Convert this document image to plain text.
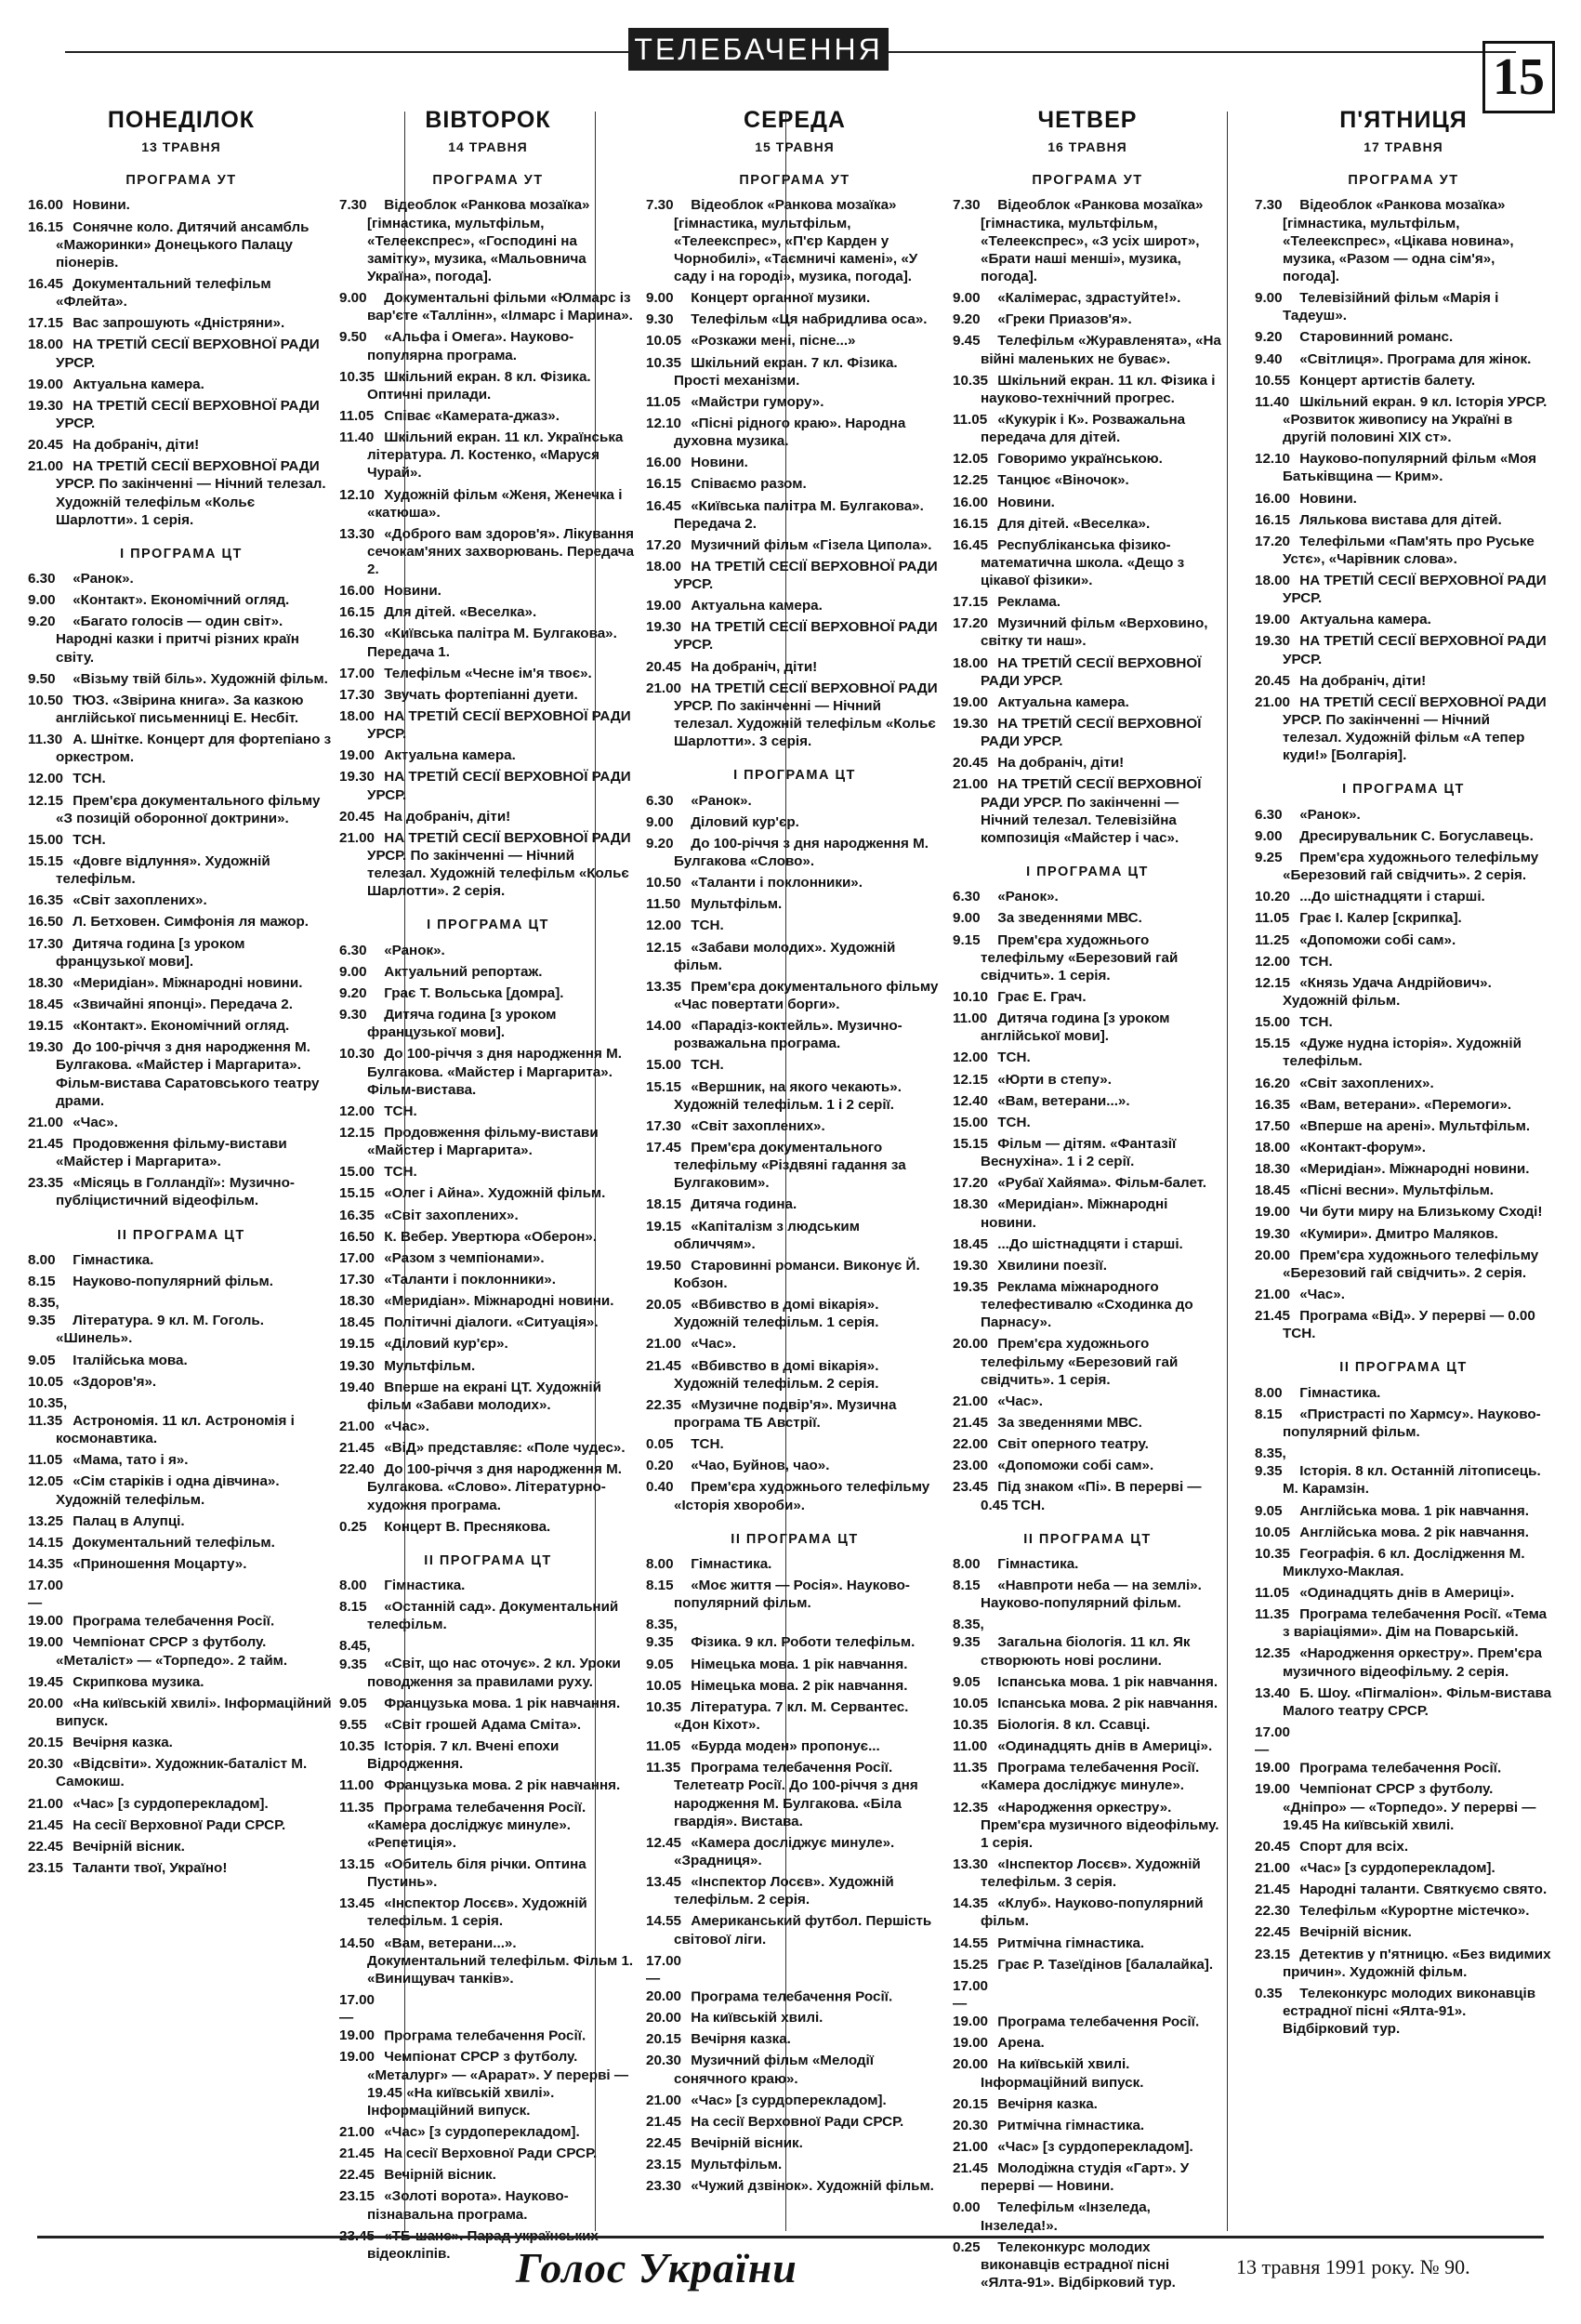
ТЕЛЕБАЧЕННЯ	15
ПОНЕДІЛОК
13 ТРАВНЯ
ПРОГРАМА УТ
16.00 Новини.
16.15 Сонячне коло. Дитячий ансамбль «Мажоринки» Донецького Палацу піонерів.
16.45 Документальний телефільм «Флейта».
17.15 Вас запрошують «Дністряни».
18.00 НА ТРЕТІЙ СЕСІЇ ВЕРХОВНОЇ РАДИ УРСР.
19.00 Актуальна камера.
19.30 НА ТРЕТІЙ СЕСІЇ ВЕРХОВНОЇ РАДИ УРСР.
20.45 На добраніч, діти!
21.00 НА ТРЕТІЙ СЕСІЇ ВЕРХОВНОЇ РАДИ УРСР. По закінченні — Нічний телезал. Художній телефільм «Кольє Шарлотти». 1 серія.
І ПРОГРАМА ЦТ
6.30 «Ранок».
9.00 «Контакт». Економічний огляд.
9.20 «Багато голосів — один світ». Народні казки і притчі різних країн світу.
9.50 «Візьму твій біль». Художній фільм.
10.50 ТЮЗ. «Звірина книга». За казкою англійської письменниці Е. Несбіт.
11.30 А. Шнітке. Концерт для фортепіано з оркестром.
12.00 ТСН.
12.15 Прем'єра документального фільму «З позицій оборонної доктрини».
15.00 ТСН.
15.15 «Довге відлуння». Художній телефільм.
16.35 «Світ захоплених».
16.50 Л. Бетховен. Симфонія ля мажор.
17.30 Дитяча година [з уроком французької мови].
18.30 «Меридіан». Міжнародні новини.
18.45 «Звичайні японці». Передача 2.
19.15 «Контакт». Економічний огляд.
19.30 До 100-річчя з дня народження М. Булгакова. «Майстер і Маргарита». Фільм-вистава Саратовського театру драми.
21.00 «Час».
21.45 Продовження фільму-вистави «Майстер і Маргарита».
23.35 «Місяць в Голландії»: Музично-публіцистичний відеофільм.
ІІ ПРОГРАМА ЦТ
8.00 Гімнастика.
8.15 Науково-популярний фільм.
8.35, 9.35 Література. 9 кл. М. Гоголь. «Шинель».
9.05 Італійська мова.
10.05 «Здоров'я».
10.35, 11.35 Астрономія. 11 кл. Астрономія і космонавтика.
11.05 «Мама, тато і я».
12.05 «Сім старіків і одна дівчина». Художній телефільм.
13.25 Палац в Алупці.
14.15 Документальний телефільм.
14.35 «Приношення Моцарту».
17.00—19.00 Програма телебачення Росії.
19.00 Чемпіонат СРСР з футболу. «Металіст» — «Торпедо». 2 тайм.
19.45 Скрипкова музика.
20.00 «На київській хвилі». Інформаційний випуск.
20.15 Вечірня казка.
20.30 «Відсвіти». Художник-баталіст М. Самокиш.
21.00 «Час» [з сурдоперекладом].
21.45 На сесії Верховної Ради СРСР.
22.45 Вечірній вісник.
23.15 Таланти твої, Україно!
ВІВТОРОК
14 ТРАВНЯ
ПРОГРАМА УТ
7.30 Відеоблок «Ранкова мозаїка» [гімнастика, мультфільм, «Телеекспрес», «Господині на замітку», музика, «Мальовнича Україна», погода].
9.00 Документальні фільми «Юлмарс із вар'єте «Таллінн», «Ілмарс і Марина».
9.50 «Альфа і Омега». Науково-популярна програма.
10.35 Шкільний екран. 8 кл. Фізика. Оптичні прилади.
11.05 Співає «Камерата-джаз».
11.40 Шкільний екран. 11 кл. Українська література. Л. Костенко, «Маруся Чурай».
12.10 Художній фільм «Женя, Женечка і «катюша».
13.30 «Доброго вам здоров'я». Лікування сечокам'яних захворювань. Передача 2.
16.00 Новини.
16.15 Для дітей. «Веселка».
16.30 «Київська палітра М. Булгакова». Передача 1.
17.00 Телефільм «Чесне ім'я твоє».
17.30 Звучать фортепіанні дуети.
18.00 НА ТРЕТІЙ СЕСІЇ ВЕРХОВНОЇ РАДИ УРСР.
19.00 Актуальна камера.
19.30 НА ТРЕТІЙ СЕСІЇ ВЕРХОВНОЇ РАДИ УРСР.
20.45 На добраніч, діти!
21.00 НА ТРЕТІЙ СЕСІЇ ВЕРХОВНОЇ РАДИ УРСР. По закінченні — Нічний телезал. Художній телефільм «Кольє Шарлотти». 2 серія.
І ПРОГРАМА ЦТ
6.30 «Ранок».
9.00 Актуальний репортаж.
9.20 Грає Т. Вольська [домра].
9.30 Дитяча година [з уроком французької мови].
10.30 До 100-річчя з дня народження М. Булгакова. «Майстер і Маргарита». Фільм-вистава.
12.00 ТСН.
12.15 Продовження фільму-вистави «Майстер і Маргарита».
15.00 ТСН.
15.15 «Олег і Айна». Художній фільм.
16.35 «Світ захоплених».
16.50 К. Вебер. Увертюра «Оберон».
17.00 «Разом з чемпіонами».
17.30 «Таланти і поклонники».
18.30 «Меридіан». Міжнародні новини.
18.45 Політичні діалоги. «Ситуація».
19.15 «Діловий кур'єр».
19.30 Мультфільм.
19.40 Вперше на екрані ЦТ. Художній фільм «Забави молодих».
21.00 «Час».
21.45 «ВіД» представляє: «Поле чудес».
22.40 До 100-річчя з дня народження М. Булгакова. «Слово». Літературно-художня програма.
0.25 Концерт В. Преснякова.
ІІ ПРОГРАМА ЦТ
8.00 Гімнастика.
8.15 «Останній сад». Документальний телефільм.
8.45, 9.35 «Світ, що нас оточує». 2 кл. Уроки поводження за правилами руху.
9.05 Французька мова. 1 рік навчання.
9.55 «Світ грошей Адама Сміта».
10.35 Історія. 7 кл. Вчені епохи Відродження.
11.00 Французька мова. 2 рік навчання.
11.35 Програма телебачення Росії. «Камера досліджує минуле». «Репетиція».
13.15 «Обитель біля річки. Оптина Пустинь».
13.45 «Інспектор Лосєв». Художній телефільм. 1 серія.
14.50 «Вам, ветерани...». Документальний телефільм. Фільм 1. «Винищувач танків».
17.00—19.00 Програма телебачення Росії.
19.00 Чемпіонат СРСР з футболу. «Металург» — «Арарат». У перерві — 19.45 «На київській хвилі». Інформаційний випуск.
21.00 «Час» [з сурдоперекладом].
21.45 На сесії Верховної Ради СРСР.
22.45 Вечірній вісник.
23.15 «Золоті ворота». Науково-пізнавальна програма.
23.45 «ТБ-шанс». Парад українських відеокліпів.
СЕРЕДА
15 ТРАВНЯ
ПРОГРАМА УТ
7.30 Відеоблок «Ранкова мозаїка» [гімнастика, мультфільм, «Телеекспрес», «П'єр Карден у Чорнобилі», «Таємничі камені», «У саду і на городі», музика, погода].
9.00 Концерт органної музики.
9.30 Телефільм «Ця набридлива оса».
10.05 «Розкажи мені, пісне...»
10.35 Шкільний екран. 7 кл. Фізика. Прості механізми.
11.05 «Майстри гумору».
12.10 «Пісні рідного краю». Народна духовна музика.
16.00 Новини.
16.15 Співаємо разом.
16.45 «Київська палітра М. Булгакова». Передача 2.
17.20 Музичний фільм «Гізела Ципола».
18.00 НА ТРЕТІЙ СЕСІЇ ВЕРХОВНОЇ РАДИ УРСР.
19.00 Актуальна камера.
19.30 НА ТРЕТІЙ СЕСІЇ ВЕРХОВНОЇ РАДИ УРСР.
20.45 На добраніч, діти!
21.00 НА ТРЕТІЙ СЕСІЇ ВЕРХОВНОЇ РАДИ УРСР. По закінченні — Нічний телезал. Художній телефільм «Кольє Шарлотти». 3 серія.
І ПРОГРАМА ЦТ
6.30 «Ранок».
9.00 Діловий кур'єр.
9.20 До 100-річчя з дня народження М. Булгакова «Слово».
10.50 «Таланти і поклонники».
11.50 Мультфільм.
12.00 ТСН.
12.15 «Забави молодих». Художній фільм.
13.35 Прем'єра документального фільму «Час повертати борги».
14.00 «Парадіз-коктейль». Музично-розважальна програма.
15.00 ТСН.
15.15 «Вершник, на якого чекають». Художній телефільм. 1 і 2 серії.
17.30 «Світ захоплених».
17.45 Прем'єра документального телефільму «Різдвяні гадання за Булгаковим».
18.15 Дитяча година.
19.15 «Капіталізм з людським обличчям».
19.50 Старовинні романси. Виконує Й. Кобзон.
20.05 «Вбивство в домі вікарія». Художній телефільм. 1 серія.
21.00 «Час».
21.45 «Вбивство в домі вікарія». Художній телефільм. 2 серія.
22.35 «Музичне подвір'я». Музична програма ТБ Австрії.
0.05 ТСН.
0.20 «Чао, Буйнов, чао».
0.40 Прем'єра художнього телефільму «Історія хвороби».
ІІ ПРОГРАМА ЦТ
8.00 Гімнастика.
8.15 «Моє життя — Росія». Науково-популярний фільм.
8.35, 9.35 Фізика. 9 кл. Роботи телефільм.
9.05 Німецька мова. 1 рік навчання.
10.05 Німецька мова. 2 рік навчання.
10.35 Література. 7 кл. М. Сервантес. «Дон Кіхот».
11.05 «Бурда моден» пропонує...
11.35 Програма телебачення Росії. Телетеатр Росії. До 100-річчя з дня народження М. Булгакова. «Біла гвардія». Вистава.
12.45 «Камера досліджує минуле». «Зрадниця».
13.45 «Інспектор Лосєв». Художній телефільм. 2 серія.
14.55 Американський футбол. Першість світової ліги.
17.00—20.00 Програма телебачення Росії.
20.00 На київській хвилі.
20.15 Вечірня казка.
20.30 Музичний фільм «Мелодії сонячного краю».
21.00 «Час» [з сурдоперекладом].
21.45 На сесії Верховної Ради СРСР.
22.45 Вечірній вісник.
23.15 Мультфільм.
23.30 «Чужий дзвінок». Художній фільм.
ЧЕТВЕР
16 ТРАВНЯ
ПРОГРАМА УТ
7.30 Відеоблок «Ранкова мозаїка» [гімнастика, мультфільм, «Телеекспрес», «З усіх широт», «Брати наші менші», музика, погода].
9.00 «Калімерас, здрастуйте!».
9.20 «Греки Приазов'я».
9.45 Телефільм «Журавленята», «На війні маленьких не буває».
10.35 Шкільний екран. 11 кл. Фізика і науково-технічний прогрес.
11.05 «Кукурік і К». Розважальна передача для дітей.
12.05 Говоримо українською.
12.25 Танцює «Віночок».
16.00 Новини.
16.15 Для дітей. «Веселка».
16.45 Республіканська фізико-математична школа. «Дещо з цікавої фізики».
17.15 Реклама.
17.20 Музичний фільм «Верховино, світку ти наш».
18.00 НА ТРЕТІЙ СЕСІЇ ВЕРХОВНОЇ РАДИ УРСР.
19.00 Актуальна камера.
19.30 НА ТРЕТІЙ СЕСІЇ ВЕРХОВНОЇ РАДИ УРСР.
20.45 На добраніч, діти!
21.00 НА ТРЕТІЙ СЕСІЇ ВЕРХОВНОЇ РАДИ УРСР. По закінченні — Нічний телезал. Телевізійна композиція «Майстер і час».
І ПРОГРАМА ЦТ
6.30 «Ранок».
9.00 За зведеннями МВС.
9.15 Прем'єра художнього телефільму «Березовий гай свідчить». 1 серія.
10.10 Грає Е. Грач.
11.00 Дитяча година [з уроком англійської мови].
12.00 ТСН.
12.15 «Юрти в степу».
12.40 «Вам, ветерани...».
15.00 ТСН.
15.15 Фільм — дітям. «Фантазії Веснухіна». 1 і 2 серії.
17.20 «Рубаї Хайяма». Фільм-балет.
18.30 «Меридіан». Міжнародні новини.
18.45 ...До шістнадцяти і старші.
19.30 Хвилини поезії.
19.35 Реклама міжнародного телефестивалю «Сходинка до Парнасу».
20.00 Прем'єра художнього телефільму «Березовий гай свідчить». 1 серія.
21.00 «Час».
21.45 За зведеннями МВС.
22.00 Світ оперного театру.
23.00 «Допоможи собі сам».
23.45 Під знаком «Пі». В перерві — 0.45 ТСН.
ІІ ПРОГРАМА ЦТ
8.00 Гімнастика.
8.15 «Навпроти неба — на землі». Науково-популярний фільм.
8.35, 9.35 Загальна біологія. 11 кл. Як створюють нові рослини.
9.05 Іспанська мова. 1 рік навчання.
10.05 Іспанська мова. 2 рік навчання.
10.35 Біологія. 8 кл. Ссавці.
11.00 «Одинадцять днів в Америці».
11.35 Програма телебачення Росії. «Камера досліджує минуле».
12.35 «Народження оркестру». Прем'єра музичного відеофільму. 1 серія.
13.30 «Інспектор Лосєв». Художній телефільм. 3 серія.
14.35 «Клуб». Науково-популярний фільм.
14.55 Ритмічна гімнастика.
15.25 Грає Р. Тазеїдінов [балалайка].
17.00—19.00 Програма телебачення Росії.
19.00 Арена.
20.00 На київській хвилі. Інформаційний випуск.
20.15 Вечірня казка.
20.30 Ритмічна гімнастика.
21.00 «Час» [з сурдоперекладом].
21.45 Молодіжна студія «Гарт». У перерві — Новини.
0.00 Телефільм «Інзеледа, Інзеледа!».
0.25 Телеконкурс молодих виконавців естрадної пісні «Ялта-91». Відбірковий тур.
П'ЯТНИЦЯ
17 ТРАВНЯ
ПРОГРАМА УТ
7.30 Відеоблок «Ранкова мозаїка» [гімнастика, мультфільм, «Телеекспрес», «Цікава новина», музика, «Разом — одна сім'я», погода].
9.00 Телевізійний фільм «Марія і Тадеуш».
9.20 Старовинний романс.
9.40 «Світлиця». Програма для жінок.
10.55 Концерт артистів балету.
11.40 Шкільний екран. 9 кл. Історія УРСР. «Розвиток живопису на Україні в другій половині XIX ст».
12.10 Науково-популярний фільм «Моя Батьківщина — Крим».
16.00 Новини.
16.15 Лялькова вистава для дітей.
17.20 Телефільми «Пам'ять про Руське Устє», «Чарівник слова».
18.00 НА ТРЕТІЙ СЕСІЇ ВЕРХОВНОЇ РАДИ УРСР.
19.00 Актуальна камера.
19.30 НА ТРЕТІЙ СЕСІЇ ВЕРХОВНОЇ РАДИ УРСР.
20.45 На добраніч, діти!
21.00 НА ТРЕТІЙ СЕСІЇ ВЕРХОВНОЇ РАДИ УРСР. По закінченні — Нічний телезал. Художній фільм «А тепер куди!» [Болгарія].
І ПРОГРАМА ЦТ
6.30 «Ранок».
9.00 Дресирувальник С. Богуславець.
9.25 Прем'єра художнього телефільму «Березовий гай свідчить». 2 серія.
10.20 ...До шістнадцяти і старші.
11.05 Грає І. Калер [скрипка].
11.25 «Допоможи собі сам».
12.00 ТСН.
12.15 «Князь Удача Андрійович». Художній фільм.
15.00 ТСН.
15.15 «Дуже нудна історія». Художній телефільм.
16.20 «Світ захоплених».
16.35 «Вам, ветерани». «Перемоги».
17.50 «Вперше на арені». Мультфільм.
18.00 «Контакт-форум».
18.30 «Меридіан». Міжнародні новини.
18.45 «Пісні весни». Мультфільм.
19.00 Чи бути миру на Близькому Сході!
19.30 «Кумири». Дмитро Маляков.
20.00 Прем'єра художнього телефільму «Березовий гай свідчить». 2 серія.
21.00 «Час».
21.45 Програма «ВіД». У перерві — 0.00 ТСН.
ІІ ПРОГРАМА ЦТ
8.00 Гімнастика.
8.15 «Пристрасті по Хармсу». Науково-популярний фільм.
8.35, 9.35 Історія. 8 кл. Останній літописець. М. Карамзін.
9.05 Англійська мова. 1 рік навчання.
10.05 Англійська мова. 2 рік навчання.
10.35 Географія. 6 кл. Дослідження М. Миклухо-Маклая.
11.05 «Одинадцять днів в Америці».
11.35 Програма телебачення Росії. «Тема з варіаціями». Дім на Поварській.
12.35 «Народження оркестру». Прем'єра музичного відеофільму. 2 серія.
13.40 Б. Шоу. «Пігмаліон». Фільм-вистава Малого театру СРСР.
17.00—19.00 Програма телебачення Росії.
19.00 Чемпіонат СРСР з футболу. «Дніпро» — «Торпедо». У перерві — 19.45 На київській хвилі.
20.45 Спорт для всіх.
21.00 «Час» [з сурдоперекладом].
21.45 Народні таланти. Святкуємо свято.
22.30 Телефільм «Курортне містечко».
22.45 Вечірній вісник.
23.15 Детектив у п'ятницю. «Без видимих причин». Художній фільм.
0.35 Телеконкурс молодих виконавців естрадної пісні «Ялта-91». Відбірковий тур.
Голос України	13 травня 1991 року. № 90.
